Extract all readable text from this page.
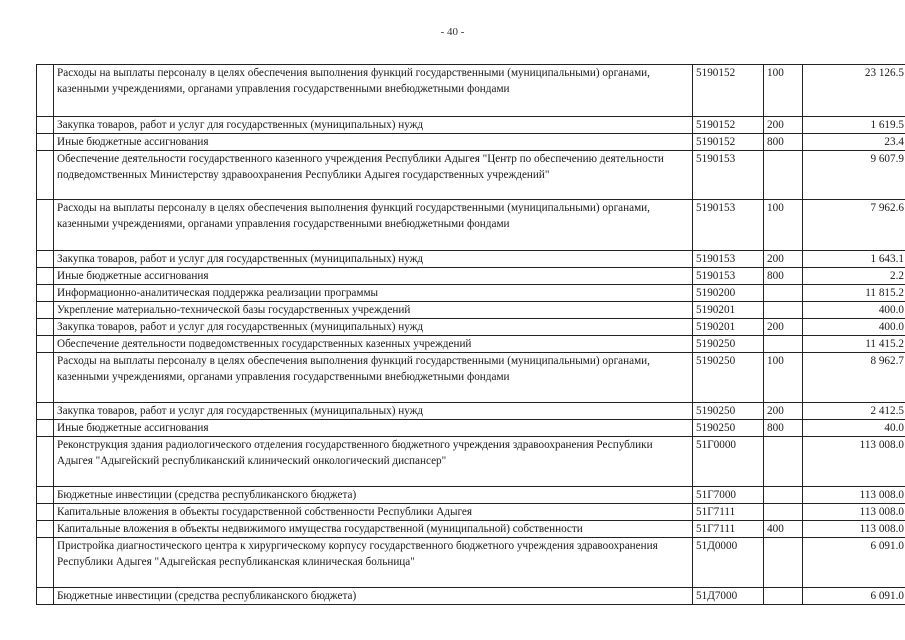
- 40 -
	Расходы на выплаты персоналу в целях обеспечения выполнения функций государственными (муниципальными) органами, казенными учреждениями, органами управления государственными внебюджетными фондами	5190152	100	23 126.5
	Закупка товаров, работ и услуг для государственных (муниципальных) нужд	5190152	200	1 619.5
	Иные бюджетные ассигнования	5190152	800	23.4
	Обеспечение деятельности государственного казенного учреждения Республики Адыгея "Центр по обеспечению деятельности подведомственных Министерству здравоохранения Республики Адыгея государственных учреждений"	5190153		9 607.9
	Расходы на выплаты персоналу в целях обеспечения выполнения функций государственными (муниципальными) органами, казенными учреждениями, органами управления государственными внебюджетными фондами	5190153	100	7 962.6
	Закупка товаров, работ и услуг для государственных (муниципальных) нужд	5190153	200	1 643.1
	Иные бюджетные ассигнования	5190153	800	2.2
	Информационно-аналитическая поддержка реализации программы	5190200		11 815.2
	Укрепление материально-технической базы государственных учреждений	5190201		400.0
	Закупка товаров, работ и услуг для государственных (муниципальных) нужд	5190201	200	400.0
	Обеспечение деятельности подведомственных государственных казенных учреждений	5190250		11 415.2
	Расходы на выплаты персоналу в целях обеспечения выполнения функций государственными (муниципальными) органами, казенными учреждениями, органами управления государственными внебюджетными фондами	5190250	100	8 962.7
	Закупка товаров, работ и услуг для государственных (муниципальных) нужд	5190250	200	2 412.5
	Иные бюджетные ассигнования	5190250	800	40.0
	Реконструкция здания радиологического отделения государственного бюджетного учреждения здравоохранения Республики Адыгея "Адыгейский республиканский клинический онкологический диспансер"	51Г0000		113 008.0
	Бюджетные инвестиции (средства республиканского бюджета)	51Г7000		113 008.0
	Капитальные вложения в объекты государственной собственности Республики Адыгея	51Г7111		113 008.0
	Капитальные вложения в объекты недвижимого имущества государственной (муниципальной) собственности	51Г7111	400	113 008.0
	Пристройка диагностического центра к хирургическому корпусу государственного бюджетного учреждения здравоохранения Республики Адыгея "Адыгейская республиканская клиническая больница"	51Д0000		6 091.0
	Бюджетные инвестиции (средства республиканского бюджета)	51Д7000		6 091.0
